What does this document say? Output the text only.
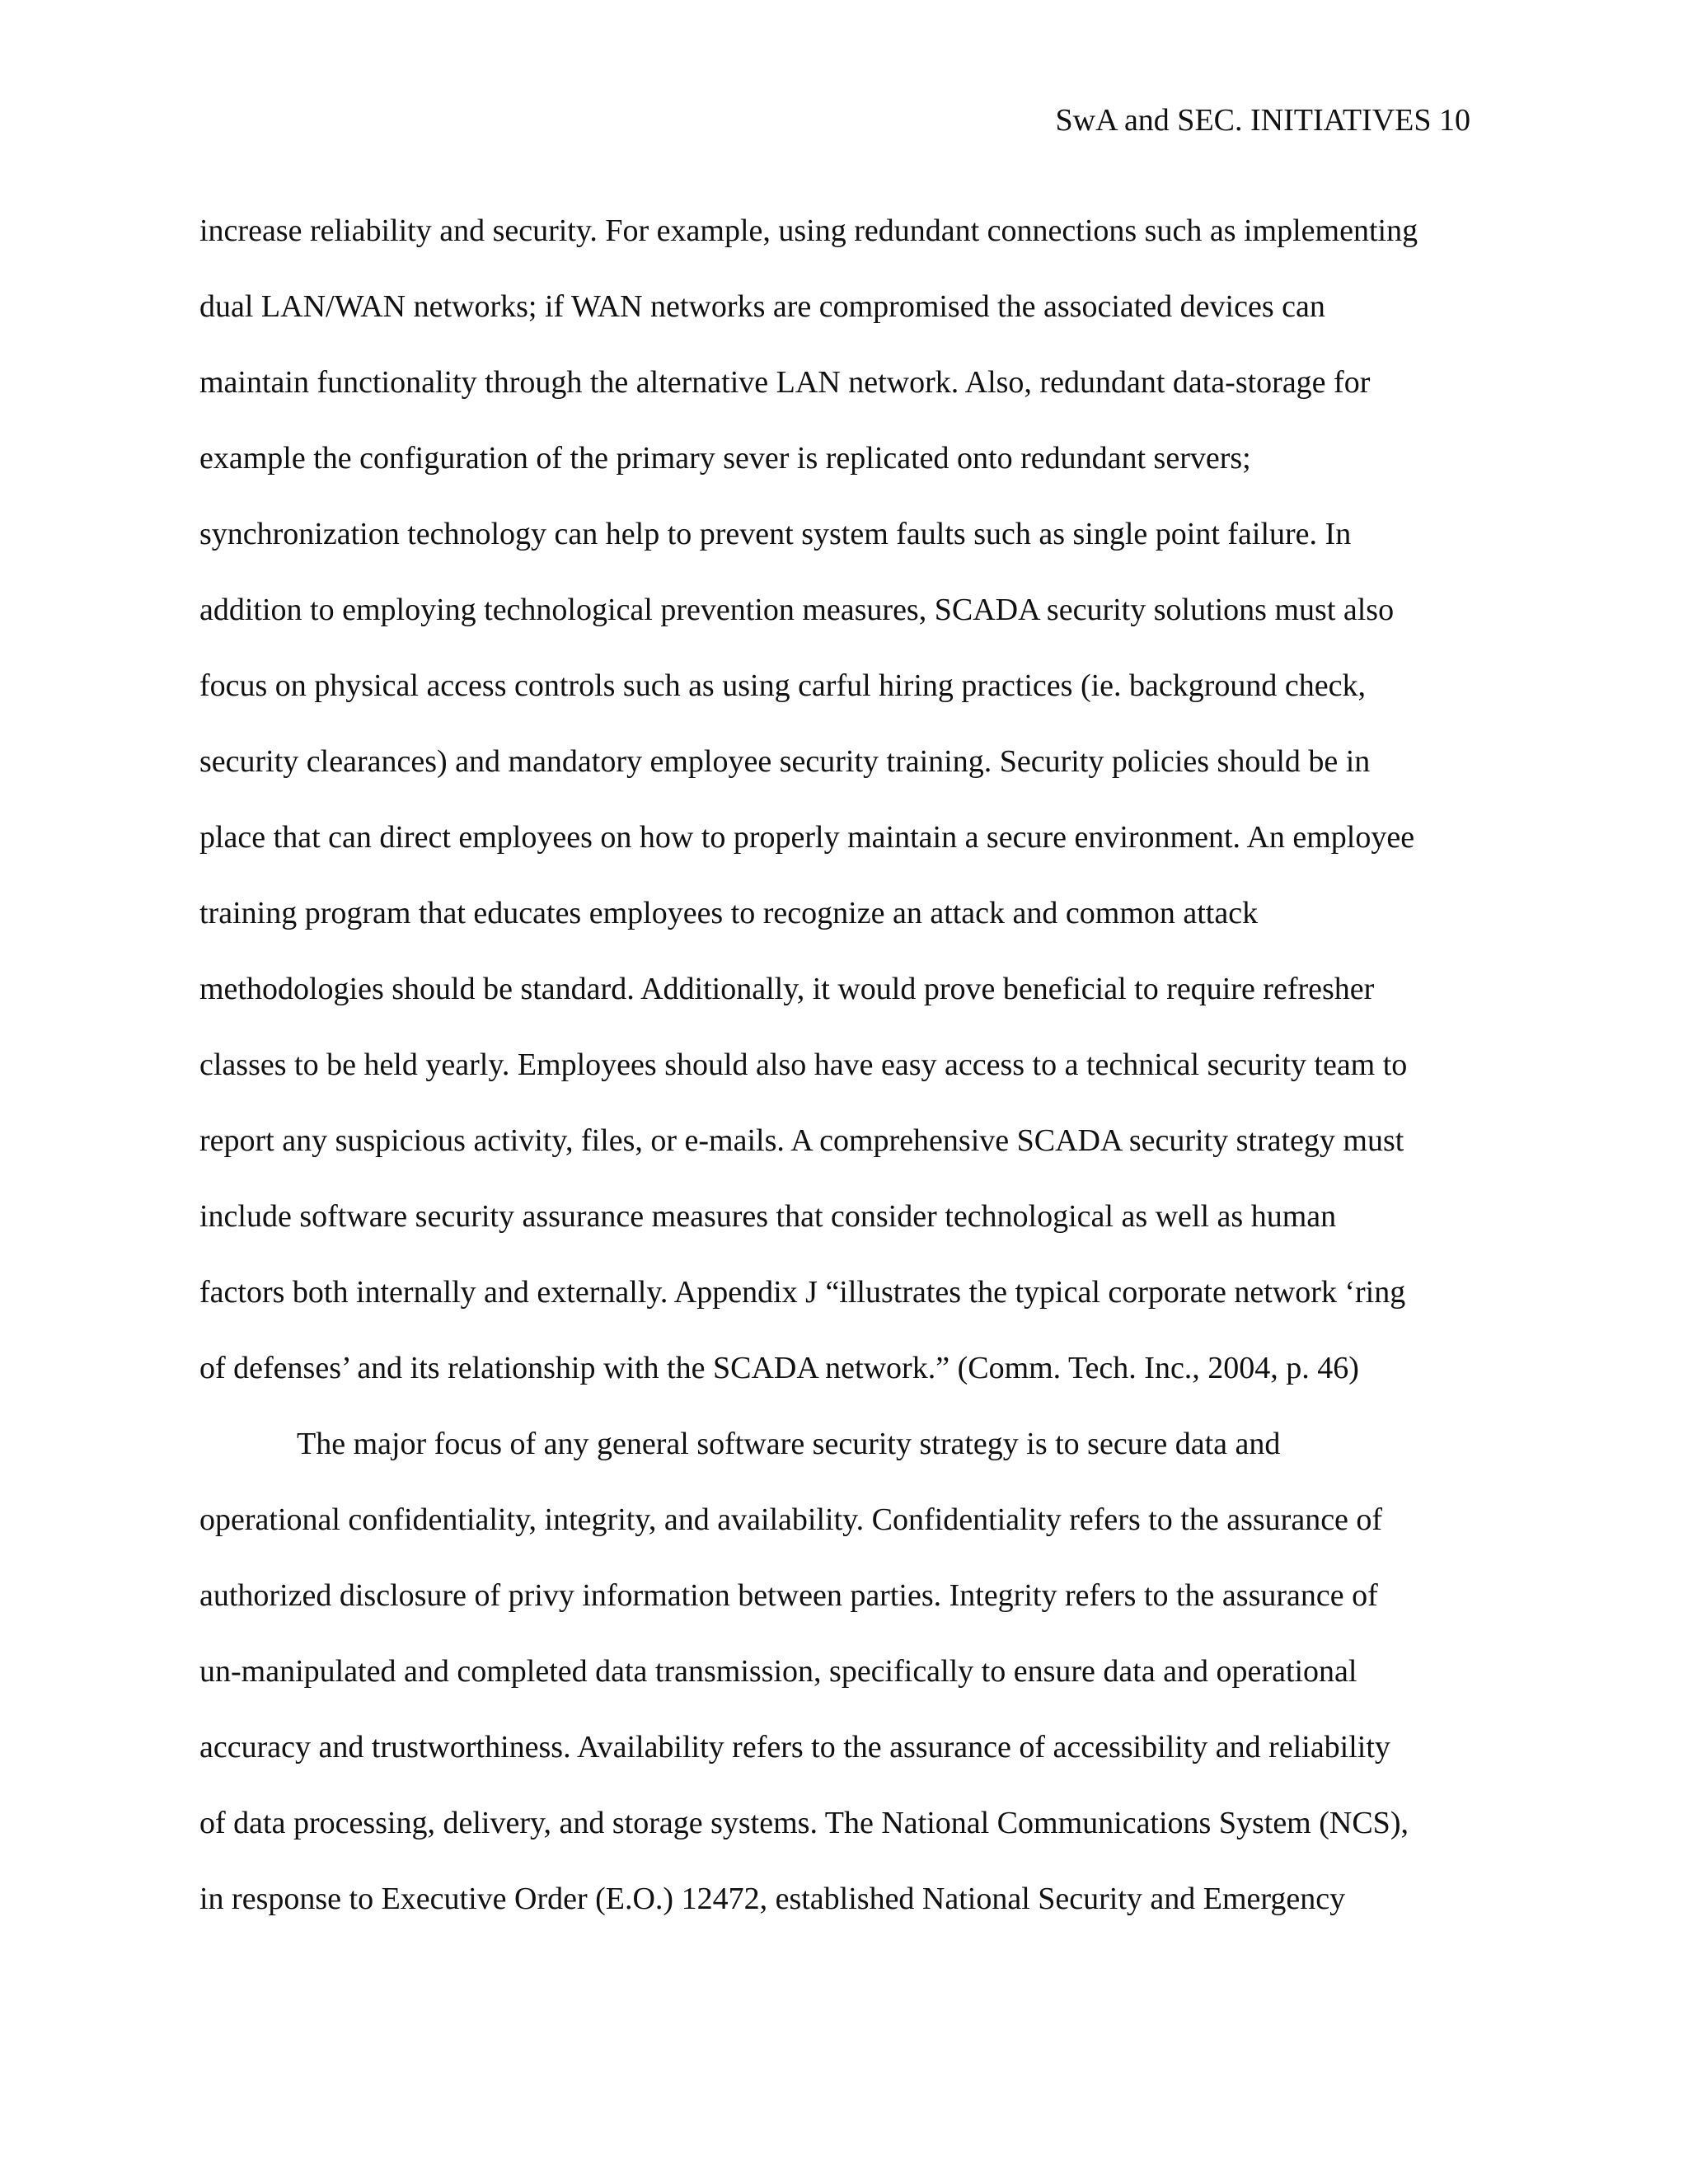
SwA and SEC. INITIATIVES 10
increase reliability and security. For example, using redundant connections such as implementing
dual LAN/WAN networks; if WAN networks are compromised the associated devices can
maintain functionality through the alternative LAN network. Also, redundant data-storage for
example the configuration of the primary sever is replicated onto redundant servers;
synchronization technology can help to prevent system faults such as single point failure. In
addition to employing technological prevention measures, SCADA security solutions must also
focus on physical access controls such as using carful hiring practices (ie. background check,
security clearances) and mandatory employee security training. Security policies should be in
place that can direct employees on how to properly maintain a secure environment. An employee
training program that educates employees to recognize an attack and common attack
methodologies should be standard. Additionally, it would prove beneficial to require refresher
classes to be held yearly. Employees should also have easy access to a technical security team to
report any suspicious activity, files, or e-mails. A comprehensive SCADA security strategy must
include software security assurance measures that consider technological as well as human
factors both internally and externally. Appendix J “illustrates the typical corporate network ‘ring
of defenses’ and its relationship with the SCADA network.” (Comm. Tech. Inc., 2004, p. 46)
The major focus of any general software security strategy is to secure data and
operational confidentiality, integrity, and availability. Confidentiality refers to the assurance of
authorized disclosure of privy information between parties. Integrity refers to the assurance of
un-manipulated and completed data transmission, specifically to ensure data and operational
accuracy and trustworthiness. Availability refers to the assurance of accessibility and reliability
of data processing, delivery, and storage systems. The National Communications System (NCS),
in response to Executive Order (E.O.) 12472, established National Security and Emergency
